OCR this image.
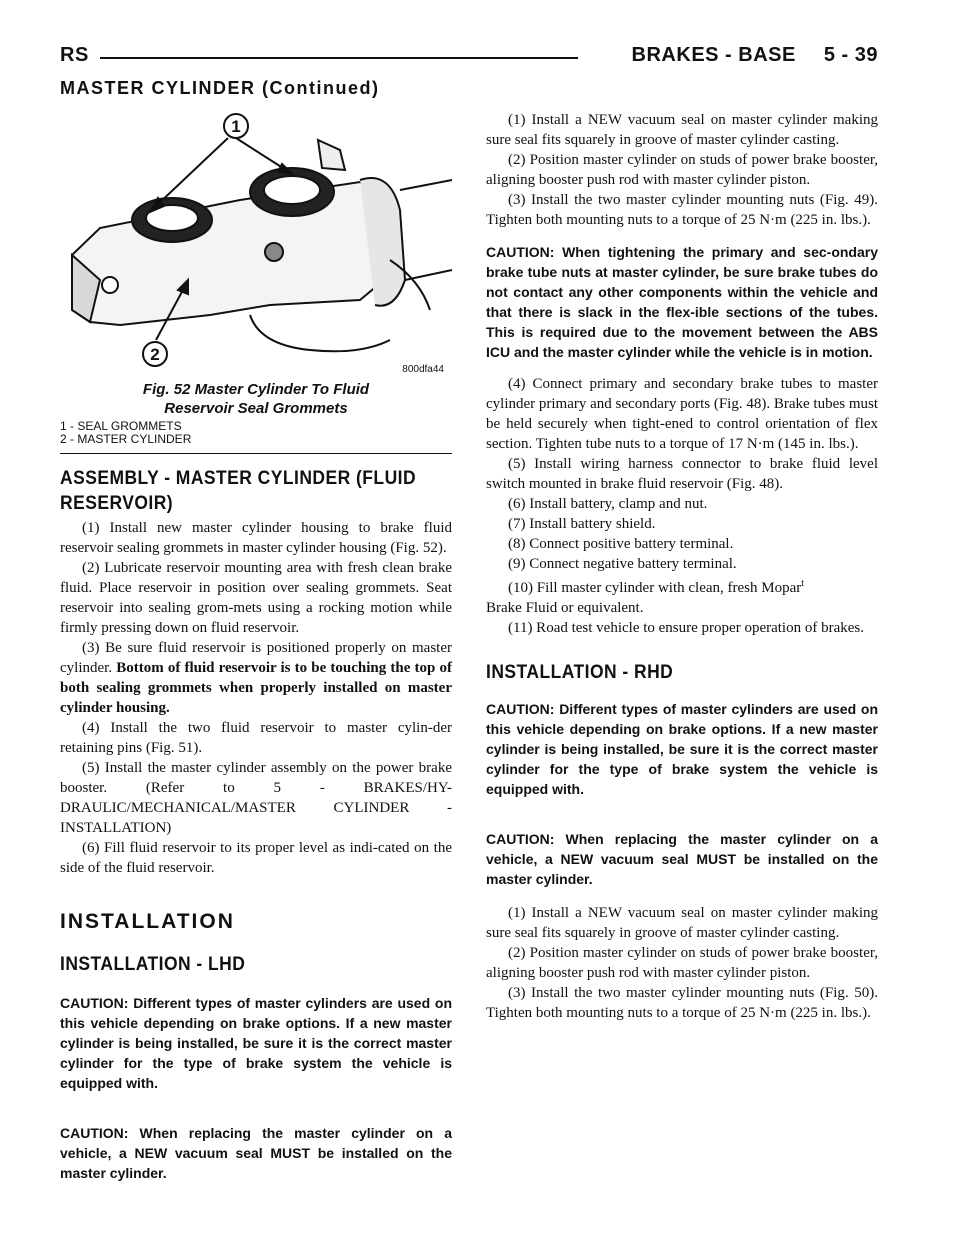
RS	BRAKES - BASE 5 - 39
MASTER CYLINDER (Continued)
1
2
800dfa44
Fig. 52 Master Cylinder To Fluid
Reservoir Seal Grommets
1 - SEAL GROMMETS
2 - MASTER CYLINDER
ASSEMBLY - MASTER CYLINDER (FLUID
RESERVOIR)

(1) Install new master cylinder housing to brake fluid reservoir sealing grommets in master cylinder housing (Fig. 52).

(2) Lubricate reservoir mounting area with fresh clean brake fluid. Place reservoir in position over sealing grommets. Seat reservoir into sealing grom-mets using a rocking motion while firmly pressing down on fluid reservoir.

(3) Be sure fluid reservoir is positioned properly on master cylinder. Bottom of fluid reservoir is to be touching the top of both sealing grommets when properly installed on master cylinder housing.

(4) Install the two fluid reservoir to master cylin-der retaining pins (Fig. 51).

(5) Install the master cylinder assembly on the power brake booster. (Refer to 5 - BRAKES/HY-DRAULIC/MECHANICAL/MASTER CYLINDER - INSTALLATION)

(6) Fill fluid reservoir to its proper level as indi-cated on the side of the fluid reservoir.

INSTALLATION
INSTALLATION - LHD

CAUTION: Different types of master cylinders are used on this vehicle depending on brake options. If a new master cylinder is being installed, be sure it is the correct master cylinder for the type of brake system the vehicle is equipped with.

CAUTION: When replacing the master cylinder on a vehicle, a NEW vacuum seal MUST be installed on the master cylinder.

(1) Install a NEW vacuum seal on master cylinder making sure seal fits squarely in groove of master cylinder casting.

(2) Position master cylinder on studs of power brake booster, aligning booster push rod with master cylinder piston.

(3) Install the two master cylinder mounting nuts (Fig. 49). Tighten both mounting nuts to a torque of 25 N·m (225 in. lbs.).

CAUTION: When tightening the primary and sec-ondary brake tube nuts at master cylinder, be sure brake tubes do not contact any other components within the vehicle and that there is slack in the flex-ible sections of the tubes. This is required due to the movement between the ABS ICU and the master cylinder while the vehicle is in motion.

(4) Connect primary and secondary brake tubes to master cylinder primary and secondary ports (Fig. 48). Brake tubes must be held securely when tight-ened to control orientation of flex section. Tighten tube nuts to a torque of 17 N·m (145 in. lbs.).

(5) Install wiring harness connector to brake fluid level switch mounted in brake fluid reservoir (Fig. 48).

(6) Install battery, clamp and nut.

(7) Install battery shield.

(8) Connect positive battery terminal.

(9) Connect negative battery terminal.

(10) Fill master cylinder with clean, fresh Mopar$^t$

Brake Fluid or equivalent.

(11) Road test vehicle to ensure proper operation of brakes.

INSTALLATION - RHD

CAUTION: Different types of master cylinders are used on this vehicle depending on brake options. If a new master cylinder is being installed, be sure it is the correct master cylinder for the type of brake system the vehicle is equipped with.

CAUTION: When replacing the master cylinder on a vehicle, a NEW vacuum seal MUST be installed on the master cylinder.

(1) Install a NEW vacuum seal on master cylinder making sure seal fits squarely in groove of master cylinder casting.

(2) Position master cylinder on studs of power brake booster, aligning booster push rod with master cylinder piston.

(3) Install the two master cylinder mounting nuts (Fig. 50). Tighten both mounting nuts to a torque of 25 N·m (225 in. lbs.).
